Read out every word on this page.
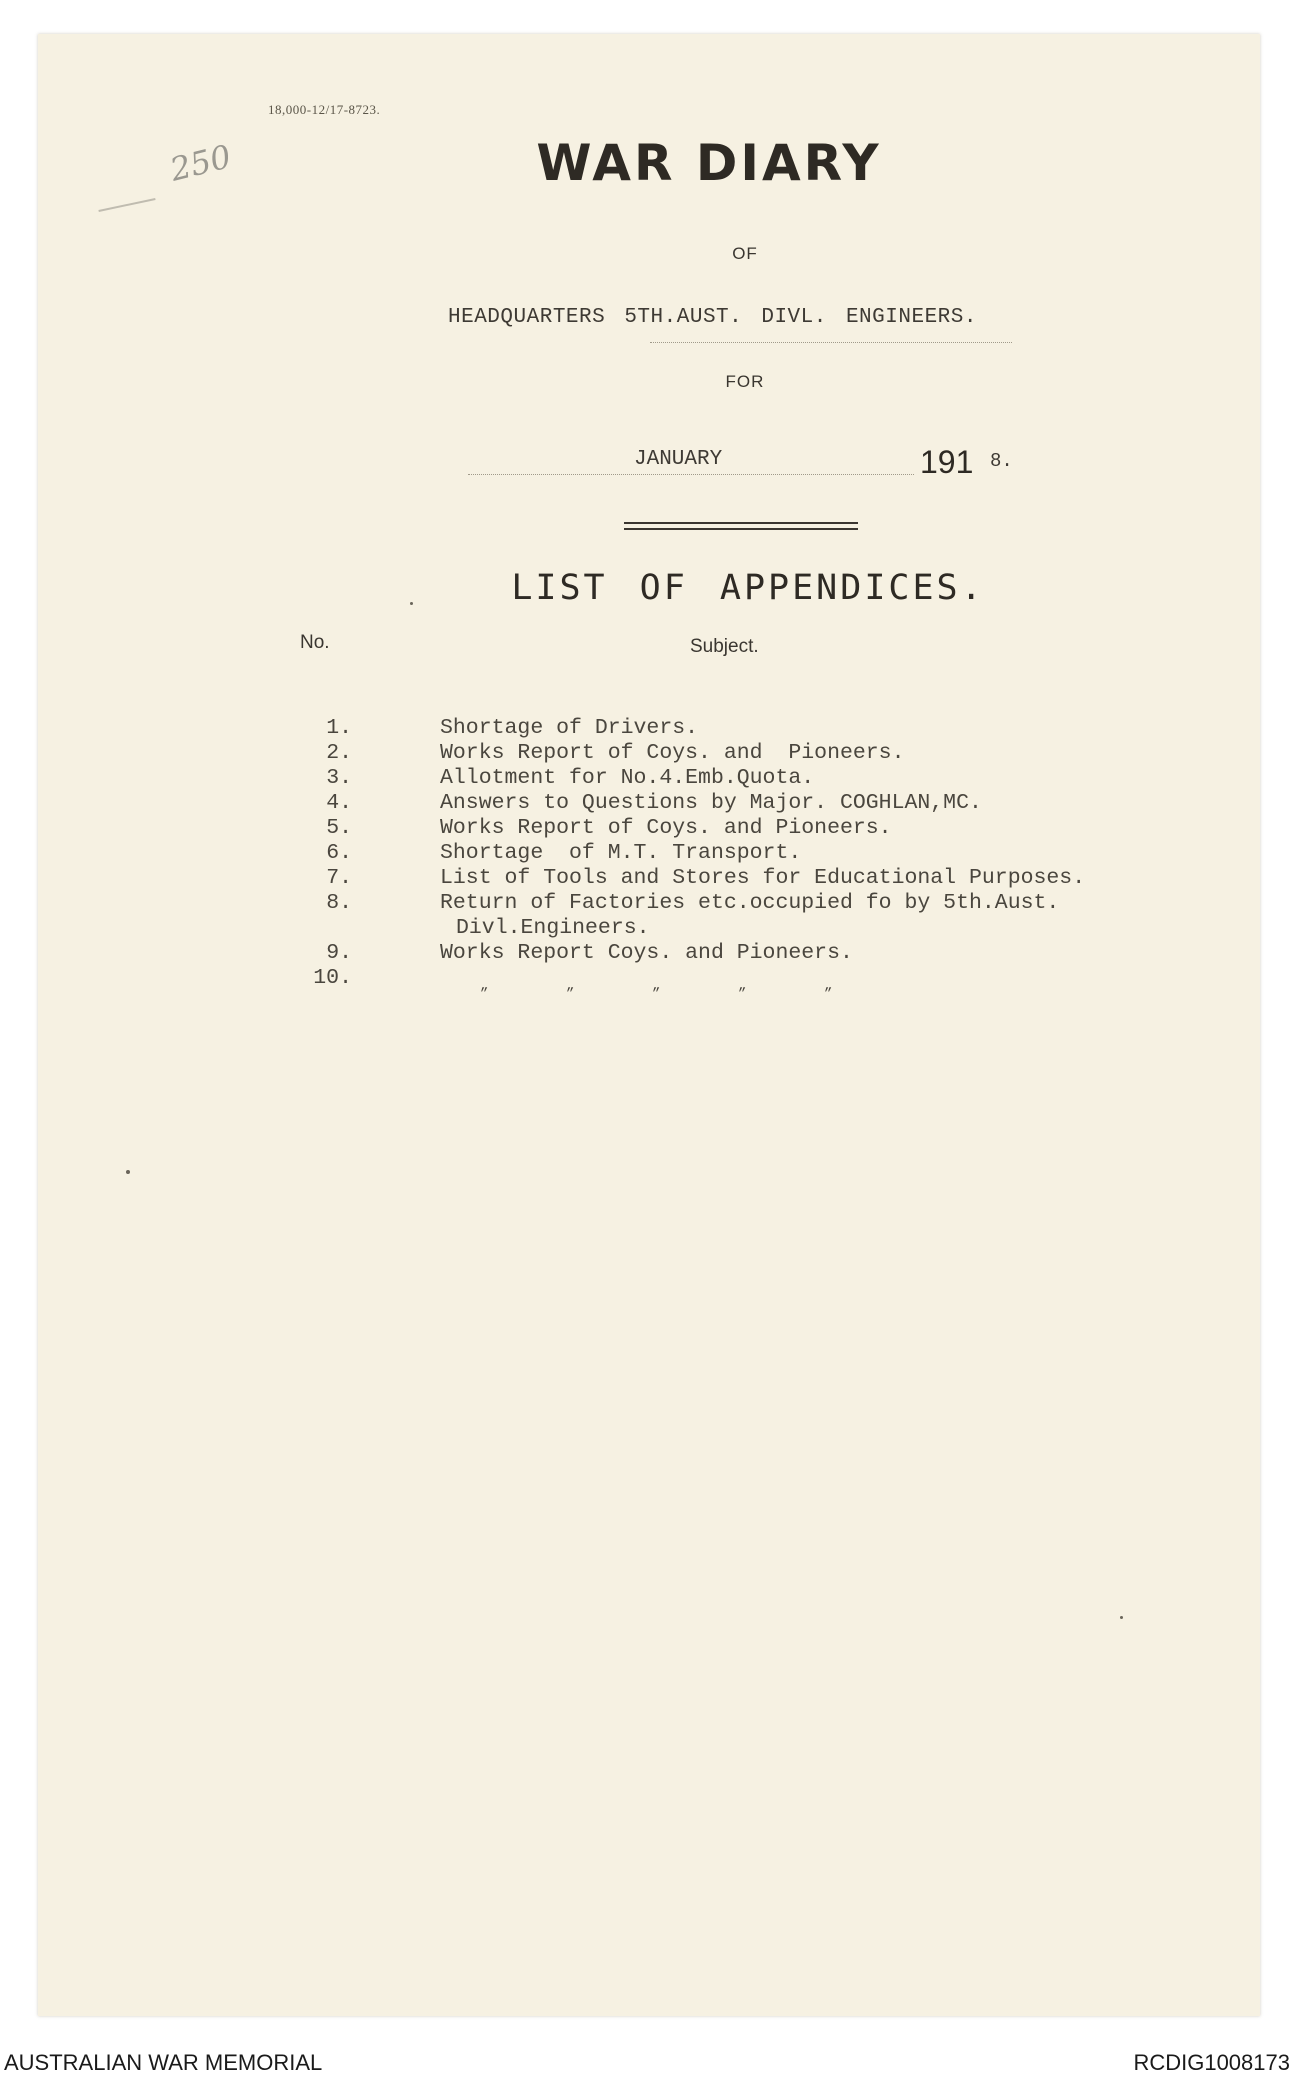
18,000-12/17-8723.
250	WAR DIARY
OF
HEADQUARTERS 5TH.AUST. DIVL. ENGINEERS.
FOR
JANUARY	191 8.
LIST OF APPENDICES.
No.	Subject.
1.	Shortage of Drivers.
2.	Works Report of Coys. and  Pioneers.
3.	Allotment for No.4.Emb.Quota.
4.	Answers to Questions by Major. COGHLAN,MC.
5.	Works Report of Coys. and Pioneers.
6.	Shortage  of M.T. Transport.
7.	List of Tools and Stores for Educational Purposes.
8.	Return of Factories etc.occupied fo by 5th.Aust.
Divl.Engineers.
9.	Works Report Coys. and Pioneers.
10.	„	„	„	„	„
AUSTRALIAN WAR MEMORIAL	RCDIG1008173
